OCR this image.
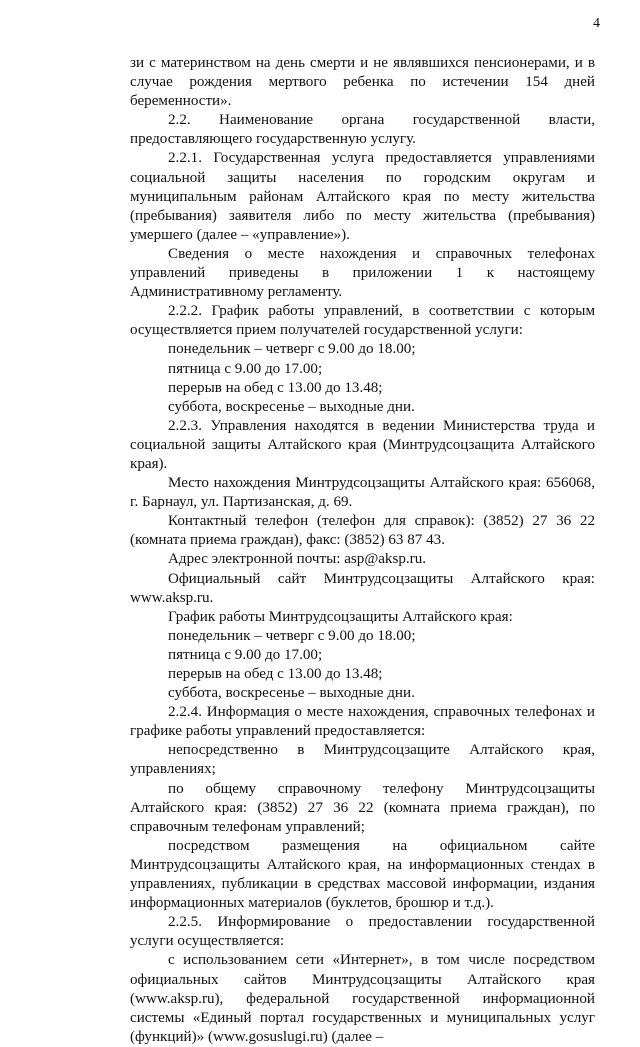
4

зи с материнством на день смерти и не являвшихся пенсионерами, и в случае рождения мертвого ребенка по истечении 154 дней беременности».

2.2. Наименование органа государственной власти, предоставляющего государственную услугу.

2.2.1. Государственная услуга предоставляется управлениями социальной защиты населения по городским округам и муниципальным районам Алтайского края по месту жительства (пребывания) заявителя либо по месту жительства (пребывания) умершего (далее – «управление»).

Сведения о месте нахождения и справочных телефонах управлений приведены в приложении 1 к настоящему Административному регламенту.

2.2.2. График работы управлений, в соответствии с которым осуществляется прием получателей государственной услуги:

понедельник – четверг с 9.00 до 18.00;

пятница с 9.00 до 17.00;

перерыв на обед с 13.00 до 13.48;

суббота, воскресенье – выходные дни.

2.2.3. Управления находятся в ведении Министерства труда и социальной защиты Алтайского края (Минтрудсоцзащита Алтайского края).

Место нахождения Минтрудсоцзащиты Алтайского края: 656068, г. Барнаул, ул. Партизанская, д. 69.

Контактный телефон (телефон для справок): (3852) 27 36 22 (комната приема граждан), факс: (3852) 63 87 43.

Адрес электронной почты: asp@aksp.ru.

Официальный сайт Минтрудсоцзащиты Алтайского края: www.aksp.ru.

График работы Минтрудсоцзащиты Алтайского края:

понедельник – четверг с 9.00 до 18.00;

пятница с 9.00 до 17.00;

перерыв на обед с 13.00 до 13.48;

суббота, воскресенье – выходные дни.

2.2.4. Информация о месте нахождения, справочных телефонах и графике работы управлений предоставляется:

непосредственно в Минтрудсоцзащите Алтайского края, управлениях;

по общему справочному телефону Минтрудсоцзащиты Алтайского края: (3852) 27 36 22 (комната приема граждан), по справочным телефонам управлений;

посредством размещения на официальном сайте Минтрудсоцзащиты Алтайского края, на информационных стендах в управлениях, публикации в средствах массовой информации, издания информационных материалов (буклетов, брошюр и т.д.).

2.2.5. Информирование о предоставлении государственной услуги осуществляется:

с использованием сети «Интернет», в том числе посредством официальных сайтов Минтрудсоцзащиты Алтайского края (www.aksp.ru), федеральной государственной информационной системы «Единый портал государственных и муниципальных услуг (функций)» (www.gosuslugi.ru) (далее –
